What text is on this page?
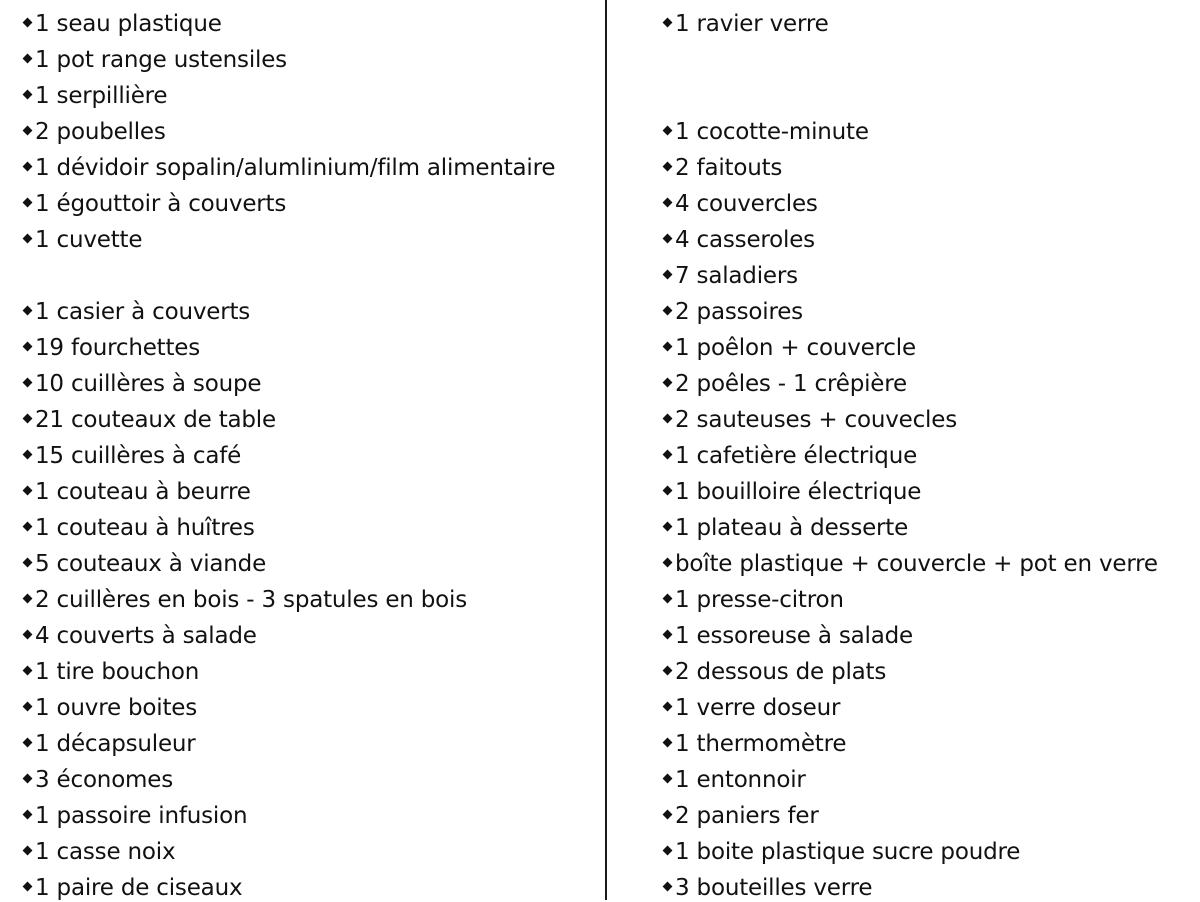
1 seau plastique
1 pot range ustensiles
1 serpillière
2 poubelles
1 dévidoir sopalin/alumlinium/film alimentaire
1 égouttoir à couverts
1 cuvette
1 casier à couverts
19 fourchettes
10 cuillères à soupe
21 couteaux de table
15 cuillères à café
1 couteau à beurre
1 couteau à huîtres
5 couteaux à viande
2 cuillères en bois - 3 spatules en bois
4 couverts à salade
1 tire bouchon
1 ouvre boites
1 décapsuleur
3 économes
1 passoire infusion
1 casse noix
1 paire de ciseaux
1 ravier verre
1 cocotte-minute
2 faitouts
4 couvercles
4 casseroles
7 saladiers
2 passoires
1 poêlon + couvercle
2 poêles - 1 crêpière
2 sauteuses + couvecles
1 cafetière électrique
1 bouilloire électrique
1 plateau à desserte
boîte plastique + couvercle + pot en verre
1 presse-citron
1 essoreuse à salade
2 dessous de plats
1 verre doseur
1 thermomètre
1 entonnoir
2 paniers fer
1 boite plastique sucre poudre
3 bouteilles verre
